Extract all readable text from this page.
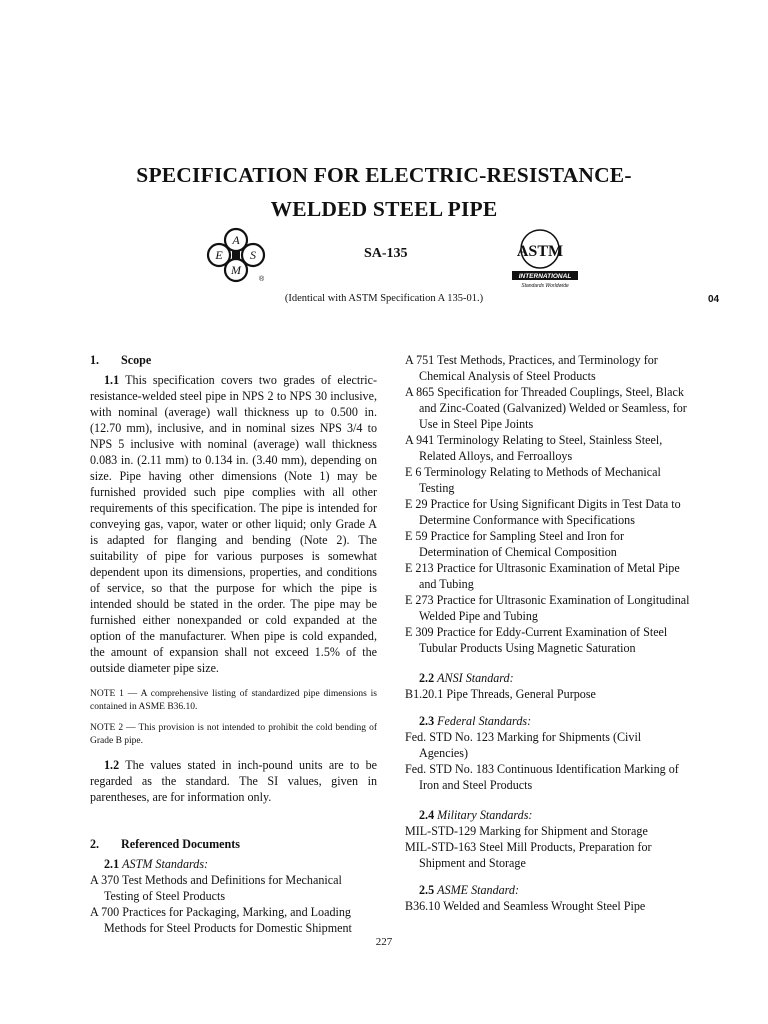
SPECIFICATION FOR ELECTRIC-RESISTANCE-
WELDED STEEL PIPE
A
S
M
E
®
SA-135	ASTM
INTERNATIONAL
Standards Worldwide
(Identical with ASTM Specification A 135-01.)	04

1. Scope

1.1 This specification covers two grades of electric-resistance-welded steel pipe in NPS 2 to NPS 30 inclusive, with nominal (average) wall thickness up to 0.500 in. (12.70 mm), inclusive, and in nominal sizes NPS 3/4 to NPS 5 inclusive with nominal (average) wall thickness 0.083 in. (2.11 mm) to 0.134 in. (3.40 mm), depending on size. Pipe having other dimensions (Note 1) may be furnished provided such pipe complies with all other requirements of this specification. The pipe is intended for conveying gas, vapor, water or other liquid; only Grade A is adapted for flanging and bending (Note 2). The suitability of pipe for various purposes is somewhat dependent upon its dimensions, properties, and conditions of service, so that the purpose for which the pipe is intended should be stated in the order. The pipe may be furnished either nonexpanded or cold expanded at the option of the manufacturer. When pipe is cold expanded, the amount of expansion shall not exceed 1.5% of the outside diameter pipe size.

NOTE 1 — A comprehensive listing of standardized pipe dimensions is contained in ASME B36.10.

NOTE 2 — This provision is not intended to prohibit the cold bending of Grade B pipe.

1.2 The values stated in inch-pound units are to be regarded as the standard. The SI values, given in parentheses, are for information only.

2. Referenced Documents

2.1 ASTM Standards:

A 370 Test Methods and Definitions for Mechanical Testing of Steel Products

A 700 Practices for Packaging, Marking, and Loading Methods for Steel Products for Domestic Shipment

A 751 Test Methods, Practices, and Terminology for Chemical Analysis of Steel Products

A 865 Specification for Threaded Couplings, Steel, Black and Zinc-Coated (Galvanized) Welded or Seamless, for Use in Steel Pipe Joints

A 941 Terminology Relating to Steel, Stainless Steel, Related Alloys, and Ferroalloys

E 6 Terminology Relating to Methods of Mechanical Testing

E 29 Practice for Using Significant Digits in Test Data to Determine Conformance with Specifications

E 59 Practice for Sampling Steel and Iron for Determination of Chemical Composition

E 213 Practice for Ultrasonic Examination of Metal Pipe and Tubing

E 273 Practice for Ultrasonic Examination of Longitudinal Welded Pipe and Tubing

E 309 Practice for Eddy-Current Examination of Steel Tubular Products Using Magnetic Saturation

2.2 ANSI Standard:

B1.20.1 Pipe Threads, General Purpose

2.3 Federal Standards:

Fed. STD No. 123 Marking for Shipments (Civil Agencies)

Fed. STD No. 183 Continuous Identification Marking of Iron and Steel Products

2.4 Military Standards:

MIL-STD-129 Marking for Shipment and Storage

MIL-STD-163 Steel Mill Products, Preparation for Shipment and Storage

2.5 ASME Standard:

B36.10 Welded and Seamless Wrought Steel Pipe

227
